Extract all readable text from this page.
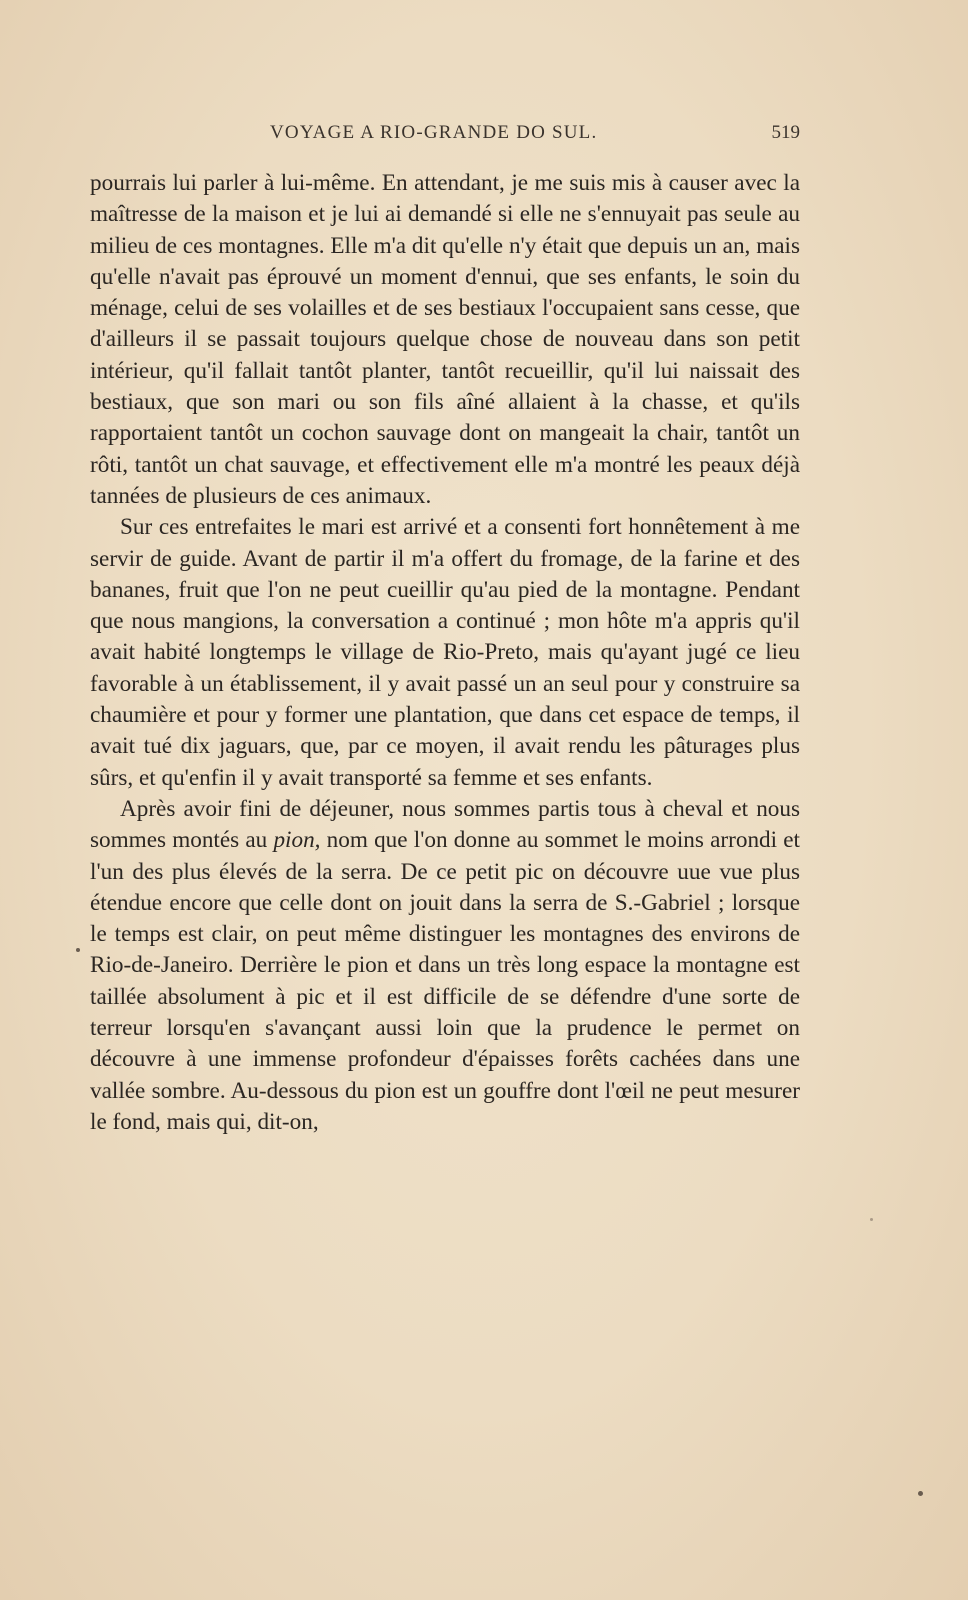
VOYAGE A RIO-GRANDE DO SUL.	519

pourrais lui parler à lui-même. En attendant, je me suis mis à causer avec la maîtresse de la maison et je lui ai demandé si elle ne s'ennuyait pas seule au milieu de ces montagnes. Elle m'a dit qu'elle n'y était que depuis un an, mais qu'elle n'avait pas éprouvé un moment d'ennui, que ses enfants, le soin du ménage, celui de ses volailles et de ses bestiaux l'occupaient sans cesse, que d'ailleurs il se passait toujours quelque chose de nouveau dans son petit intérieur, qu'il fallait tantôt planter, tantôt recueillir, qu'il lui naissait des bestiaux, que son mari ou son fils aîné allaient à la chasse, et qu'ils rapportaient tantôt un cochon sauvage dont on mangeait la chair, tantôt un rôti, tantôt un chat sauvage, et effectivement elle m'a montré les peaux déjà tannées de plusieurs de ces animaux.

Sur ces entrefaites le mari est arrivé et a consenti fort honnêtement à me servir de guide. Avant de partir il m'a offert du fromage, de la farine et des bananes, fruit que l'on ne peut cueillir qu'au pied de la montagne. Pendant que nous mangions, la conversation a continué ; mon hôte m'a appris qu'il avait habité longtemps le village de Rio-Preto, mais qu'ayant jugé ce lieu favorable à un établissement, il y avait passé un an seul pour y construire sa chaumière et pour y former une plantation, que dans cet espace de temps, il avait tué dix jaguars, que, par ce moyen, il avait rendu les pâturages plus sûrs, et qu'enfin il y avait transporté sa femme et ses enfants.

Après avoir fini de déjeuner, nous sommes partis tous à cheval et nous sommes montés au pion, nom que l'on donne au sommet le moins arrondi et l'un des plus élevés de la serra. De ce petit pic on découvre uue vue plus étendue encore que celle dont on jouit dans la serra de S.-Gabriel ; lorsque le temps est clair, on peut même distinguer les montagnes des environs de Rio-de-Janeiro. Derrière le pion et dans un très long espace la montagne est taillée absolument à pic et il est difficile de se défendre d'une sorte de terreur lorsqu'en s'avançant aussi loin que la prudence le permet on découvre à une immense profondeur d'épaisses forêts cachées dans une vallée sombre. Au-dessous du pion est un gouffre dont l'œil ne peut mesurer le fond, mais qui, dit-on,
